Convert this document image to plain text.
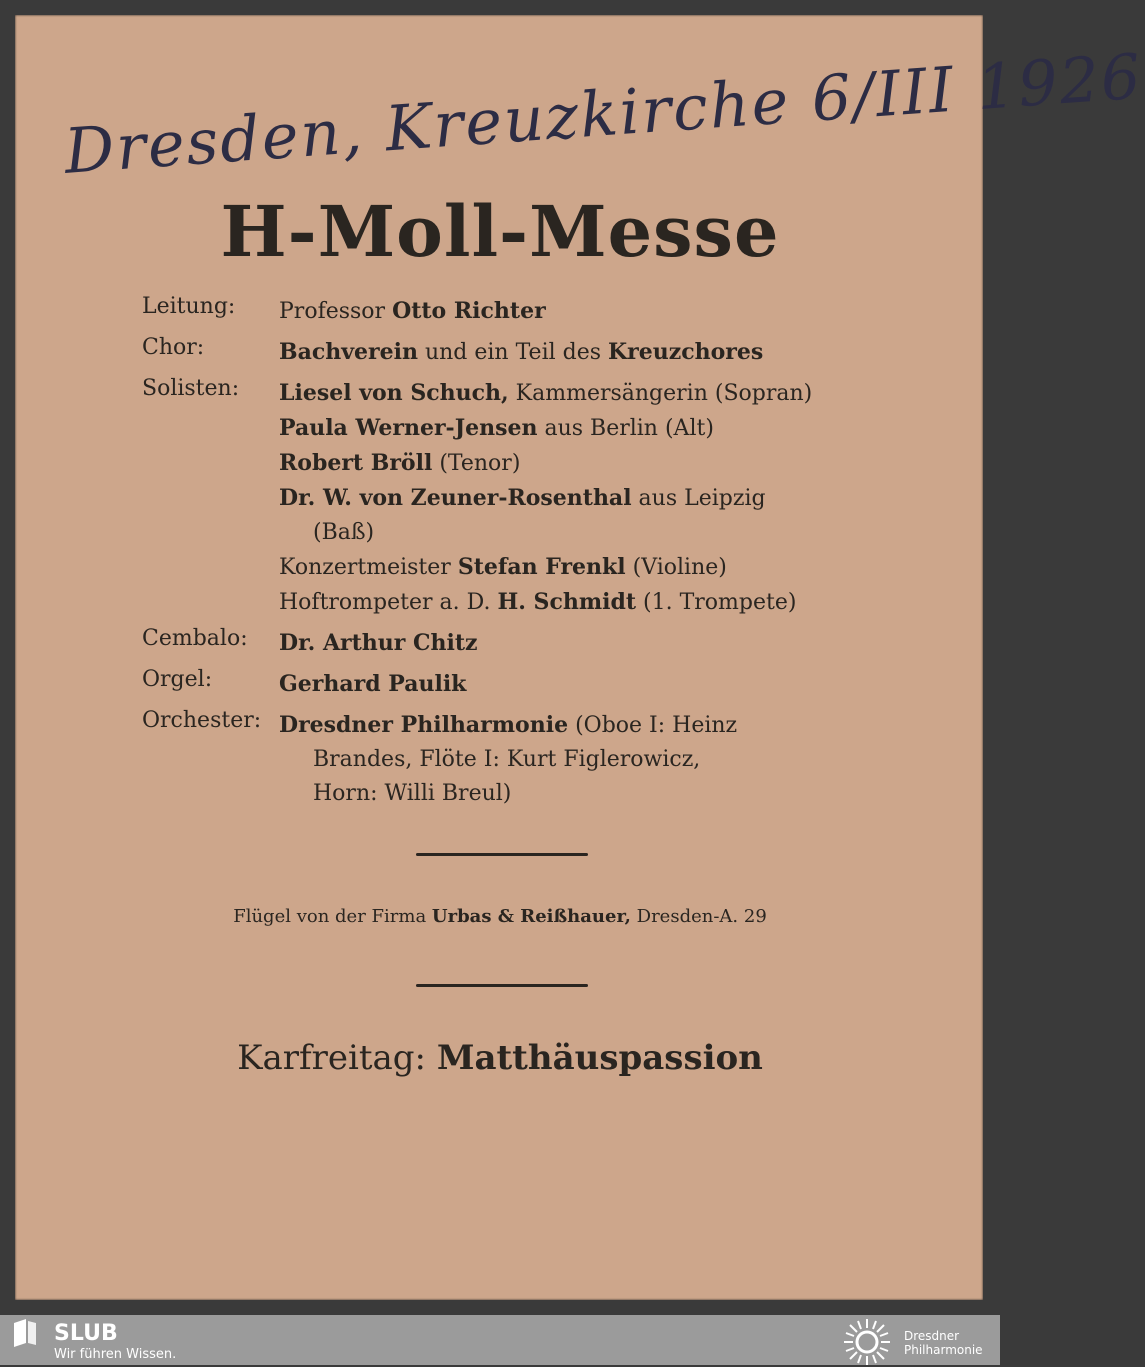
Dresden, Kreuzkirche 6/III 1926
H-Moll-Messe
Leitung:	Professor Otto Richter
Chor:	Bachverein und ein Teil des Kreuzchores
Solisten:	Liesel von Schuch, Kammersängerin (Sopran)
Paula Werner-Jensen aus Berlin (Alt)
Robert Bröll (Tenor)
Dr. W. von Zeuner-Rosenthal aus Leipzig
(Baß)
Konzertmeister Stefan Frenkl (Violine)
Hoftrompeter a. D. H. Schmidt (1. Trompete)
Cembalo:	Dr. Arthur Chitz
Orgel:	Gerhard Paulik
Orchester: Dresdner Philharmonie (Oboe I: Heinz
Brandes, Flöte I: Kurt Figlerowicz,
Horn: Willi Breul)
Flügel von der Firma Urbas & Reißhauer, Dresden-A. 29
Karfreitag: Matthäuspassion
SLUB
Wir führen Wissen.
Dresdner
Philharmonie
